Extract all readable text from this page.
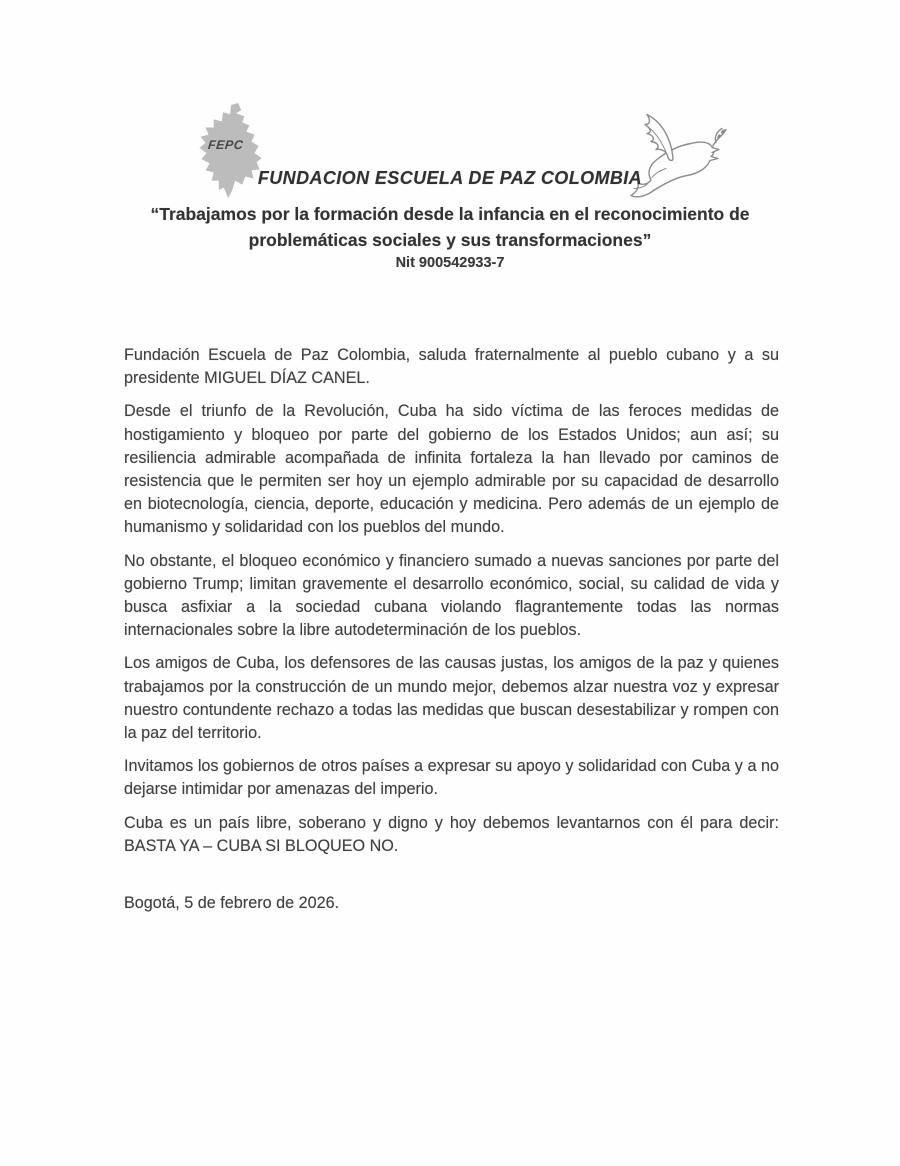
FEPC
FUNDACION ESCUELA DE PAZ COLOMBIA
“Trabajamos por la formación desde la infancia en el reconocimiento de
problemáticas sociales y sus transformaciones”
Nit 900542933-7

Fundación Escuela de Paz Colombia, saluda fraternalmente al pueblo cubano y a su presidente MIGUEL DÍAZ CANEL.

Desde el triunfo de la Revolución, Cuba ha sido víctima de las feroces medidas de hostigamiento y bloqueo por parte del gobierno de los Estados Unidos; aun así; su resiliencia admirable acompañada de infinita fortaleza la han llevado por caminos de resistencia que le permiten ser hoy un ejemplo admirable por su capacidad de desarrollo en biotecnología, ciencia, deporte, educación y medicina. Pero además de un ejemplo de humanismo y solidaridad con los pueblos del mundo.

No obstante, el bloqueo económico y financiero sumado a nuevas sanciones por parte del gobierno Trump; limitan gravemente el desarrollo económico, social, su calidad de vida y busca asfixiar a la sociedad cubana violando flagrantemente todas las normas internacionales sobre la libre autodeterminación de los pueblos.

Los amigos de Cuba, los defensores de las causas justas, los amigos de la paz y quienes trabajamos por la construcción de un mundo mejor, debemos alzar nuestra voz y expresar nuestro contundente rechazo a todas las medidas que buscan desestabilizar y rompen con la paz del territorio.

Invitamos los gobiernos de otros países a expresar su apoyo y solidaridad con Cuba y a no dejarse intimidar por amenazas del imperio.

Cuba es un país libre, soberano y digno y hoy debemos levantarnos con él para decir: BASTA YA – CUBA SI BLOQUEO NO.

Bogotá, 5 de febrero de 2026.
